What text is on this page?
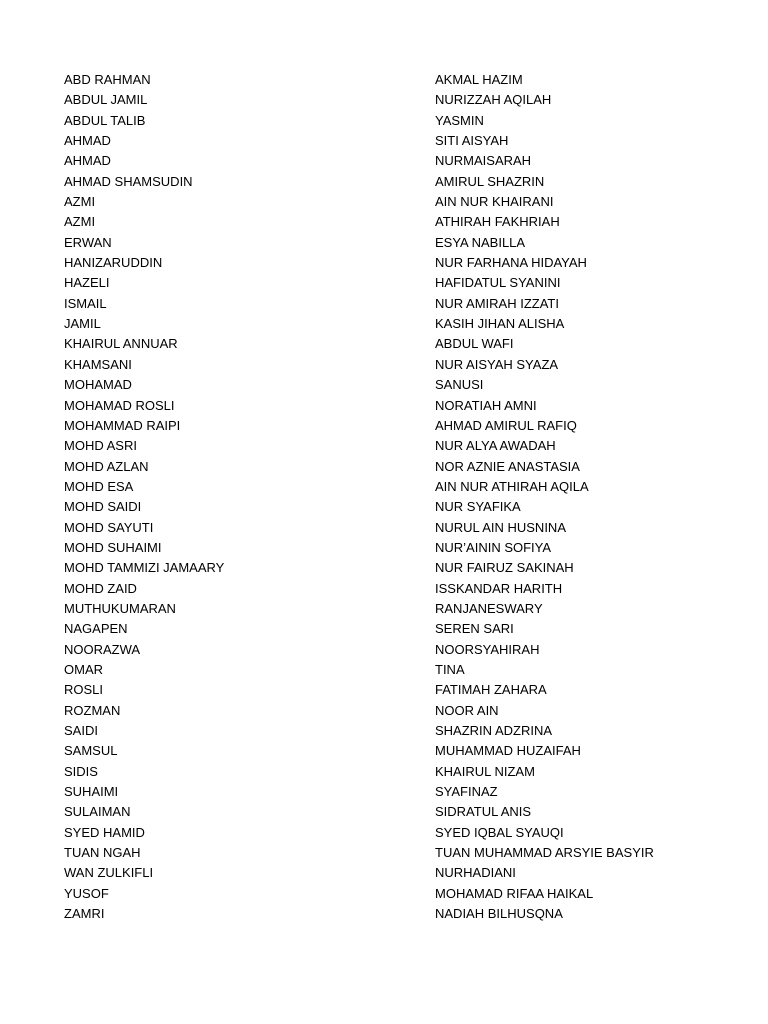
ABD RAHMAN
ABDUL JAMIL
ABDUL TALIB
AHMAD
AHMAD
AHMAD SHAMSUDIN
AZMI
AZMI
ERWAN
HANIZARUDDIN
HAZELI
ISMAIL
JAMIL
KHAIRUL ANNUAR
KHAMSANI
MOHAMAD
MOHAMAD ROSLI
MOHAMMAD RAIPI
MOHD ASRI
MOHD AZLAN
MOHD ESA
MOHD SAIDI
MOHD SAYUTI
MOHD SUHAIMI
MOHD TAMMIZI JAMAARY
MOHD ZAID
MUTHUKUMARAN
NAGAPEN
NOORAZWA
OMAR
ROSLI
ROZMAN
SAIDI
SAMSUL
SIDIS
SUHAIMI
SULAIMAN
SYED HAMID
TUAN NGAH
WAN ZULKIFLI
YUSOF
ZAMRI
AKMAL HAZIM
NURIZZAH AQILAH
YASMIN
SITI AISYAH
NURMAISARAH
AMIRUL SHAZRIN
AIN NUR KHAIRANI
ATHIRAH FAKHRIAH
ESYA NABILLA
NUR FARHANA HIDAYAH
HAFIDATUL SYANINI
NUR AMIRAH IZZATI
KASIH JIHAN ALISHA
ABDUL WAFI
NUR AISYAH SYAZA
SANUSI
NORATIAH AMNI
AHMAD AMIRUL RAFIQ
NUR ALYA AWADAH
NOR AZNIE ANASTASIA
AIN NUR ATHIRAH AQILA
NUR SYAFIKA
NURUL AIN HUSNINA
NUR’AININ SOFIYA
NUR FAIRUZ SAKINAH
ISSKANDAR HARITH
RANJANESWARY
SEREN SARI
NOORSYAHIRAH
TINA
FATIMAH ZAHARA
NOOR AIN
SHAZRIN ADZRINA
MUHAMMAD HUZAIFAH
KHAIRUL NIZAM
SYAFINAZ
SIDRATUL ANIS
SYED IQBAL SYAUQI
TUAN MUHAMMAD ARSYIE BASYIR
NURHADIANI
MOHAMAD RIFAA HAIKAL
NADIAH BILHUSQNA
